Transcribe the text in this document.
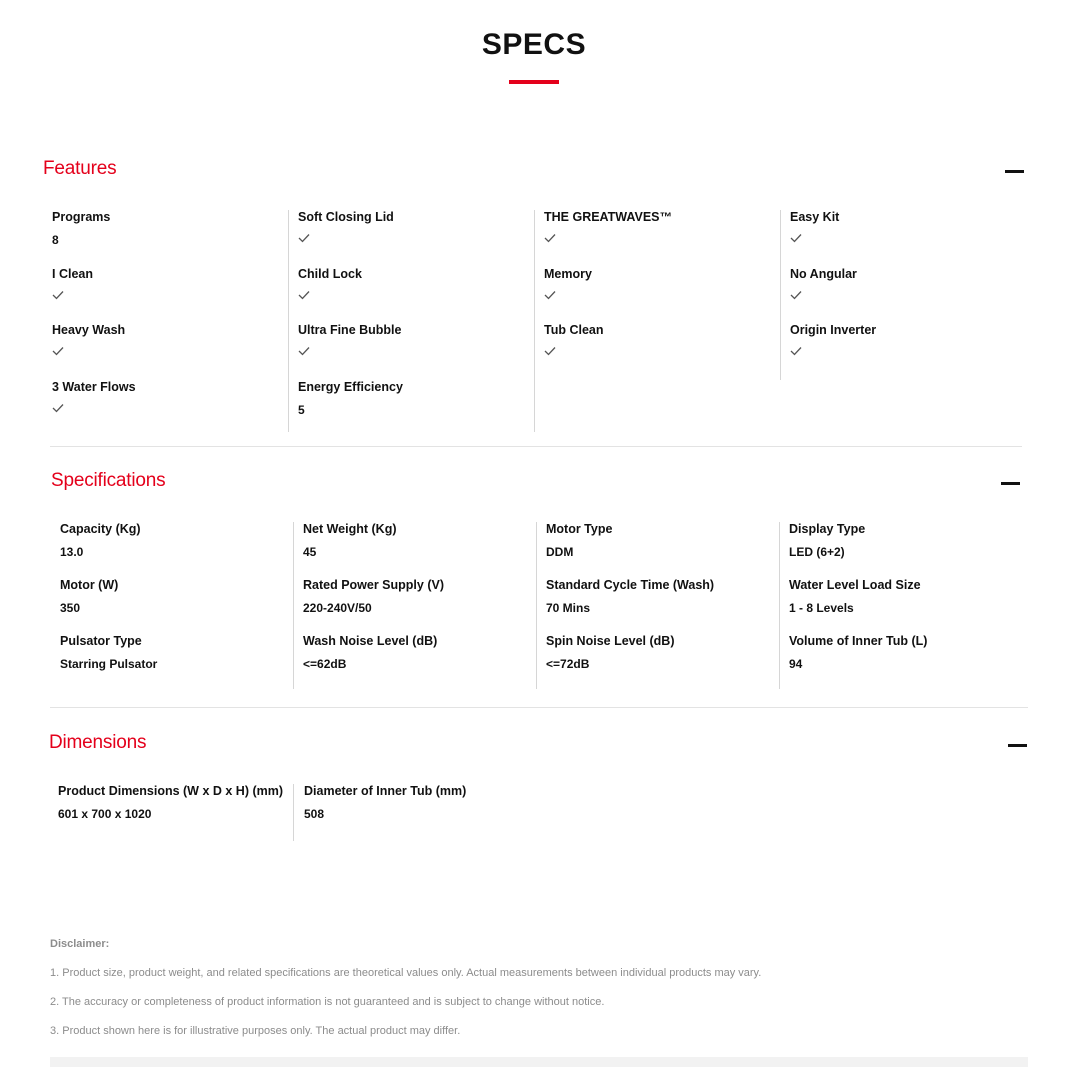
SPECS
Features
Programs
8
I Clean
Heavy Wash
3 Water Flows
Soft Closing Lid
Child Lock
Ultra Fine Bubble
Energy Efficiency
5
THE GREATWAVES™
Memory
Tub Clean
Easy Kit
No Angular
Origin Inverter
Specifications
Capacity (Kg)
13.0
Motor (W)
350
Pulsator Type
Starring Pulsator
Net Weight (Kg)
45
Rated Power Supply (V)
220-240V/50
Wash Noise Level (dB)
<=62dB
Motor Type
DDM
Standard Cycle Time (Wash)
70 Mins
Spin Noise Level (dB)
<=72dB
Display Type
LED (6+2)
Water Level Load Size
1 - 8 Levels
Volume of Inner Tub (L)
94
Dimensions
Product Dimensions (W x D x H) (mm)
601 x 700 x 1020
Diameter of Inner Tub (mm)
508
Disclaimer:
1. Product size, product weight, and related specifications are theoretical values only. Actual measurements between individual products may vary.
2. The accuracy or completeness of product information is not guaranteed and is subject to change without notice.
3. Product shown here is for illustrative purposes only. The actual product may differ.
